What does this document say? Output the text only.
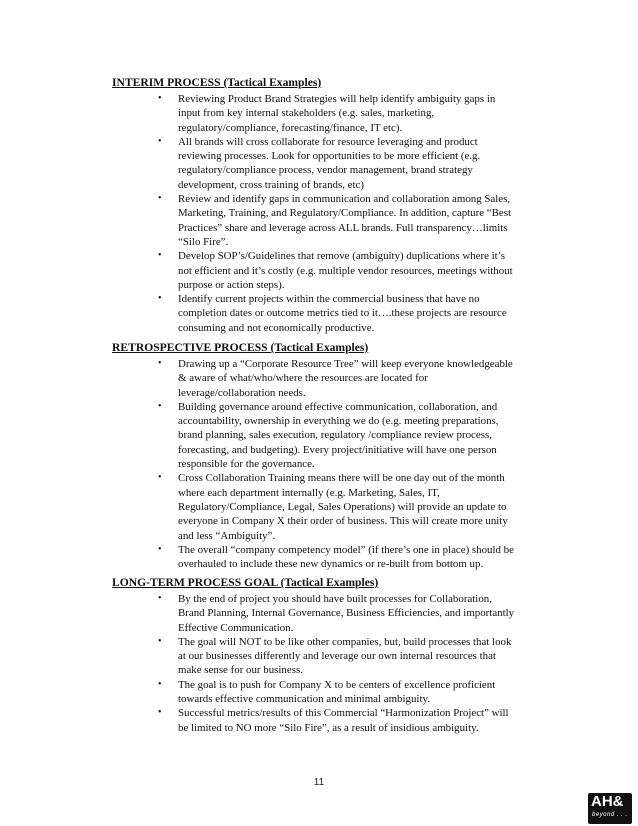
INTERIM PROCESS (Tactical Examples)
• Reviewing Product Brand Strategies will help identify ambiguity gaps in
input from key internal stakeholders (e.g. sales, marketing,
regulatory/compliance, forecasting/finance, IT etc).
• All brands will cross collaborate for resource leveraging and product
reviewing processes. Look for opportunities to be more efficient (e.g.
regulatory/compliance process, vendor management, brand strategy
development, cross training of brands, etc)
• Review and identify gaps in communication and collaboration among Sales,
Marketing, Training, and Regulatory/Compliance. In addition, capture “Best
Practices” share and leverage across ALL brands. Full transparency…limits
“Silo Fire”.
• Develop SOP’s/Guidelines that remove (ambiguity) duplications where it’s
not efficient and it’s costly (e.g. multiple vendor resources, meetings without
purpose or action steps).
• Identify current projects within the commercial business that have no
completion dates or outcome metrics tied to it….these projects are resource
consuming and not economically productive.
RETROSPECTIVE PROCESS (Tactical Examples)
• Drawing up a “Corporate Resource Tree” will keep everyone knowledgeable
& aware of what/who/where the resources are located for
leverage/collaboration needs.
• Building governance around effective communication, collaboration, and
accountability, ownership in everything we do (e.g. meeting preparations,
brand planning, sales execution, regulatory /compliance review process,
forecasting, and budgeting). Every project/initiative will have one person
responsible for the governance.
• Cross Collaboration Training means there will be one day out of the month
where each department internally (e.g. Marketing, Sales, IT,
Regulatory/Compliance, Legal, Sales Operations) will provide an update to
everyone in Company X their order of business. This will create more unity
and less “Ambiguity”.
• The overall “company competency model” (if there’s one in place) should be
overhauled to include these new dynamics or re-built from bottom up.
LONG-TERM PROCESS GOAL (Tactical Examples)
• By the end of project you should have built processes for Collaboration,
Brand Planning, Internal Governance, Business Efficiencies, and importantly
Effective Communication.
• The goal will NOT to be like other companies, but, build processes that look
at our businesses differently and leverage our own internal resources that
make sense for our business.
• The goal is to push for Company X to be centers of excellence proficient
towards effective communication and minimal ambiguity.
• Successful metrics/results of this Commercial “Harmonization Project” will
be limited to NO more “Silo Fire”, as a result of insidious ambiguity.
11
AH&
beyond . . .
